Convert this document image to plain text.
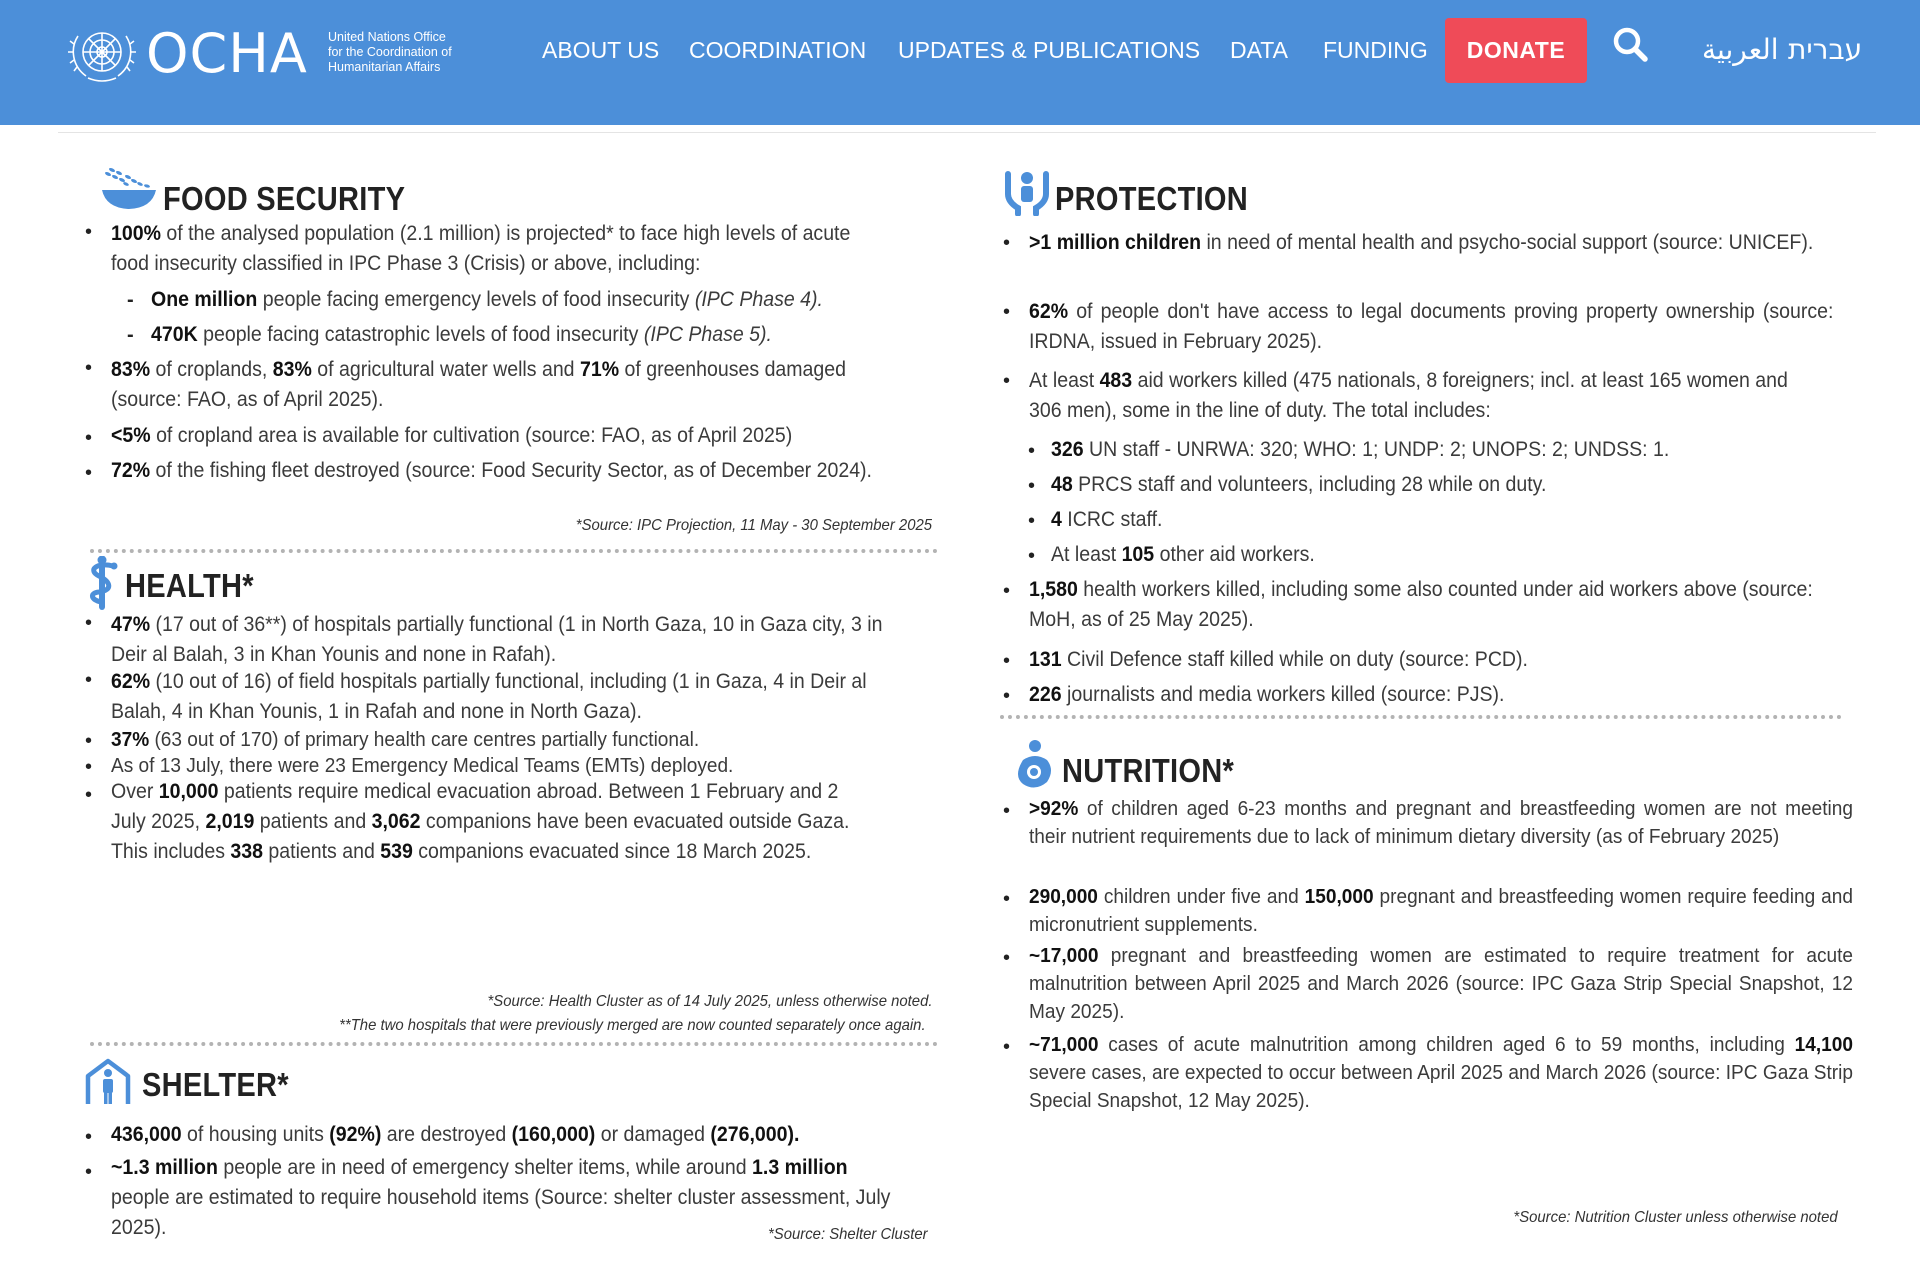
OCHA United Nations Office
for the Coordination of
Humanitarian Affairs
ABOUT US COORDINATION UPDATES & PUBLICATIONS DATA FUNDING	DONATE	العربية עברית
FOOD SECURITY
• 100% of the analysed population (2.1 million) is projected* to face high levels of acute food insecurity classified in IPC Phase 3 (Crisis) or above, including:
- One million people facing emergency levels of food insecurity (IPC Phase 4).
- 470K people facing catastrophic levels of food insecurity (IPC Phase 5).
• 83% of croplands, 83% of agricultural water wells and 71% of greenhouses damaged (source: FAO, as of April 2025).
• <5% of cropland area is available for cultivation (source: FAO, as of April 2025)
• 72% of the fishing fleet destroyed (source: Food Security Sector, as of December 2024).
*Source: IPC Projection, 11 May - 30 September 2025
HEALTH*
• 47% (17 out of 36**) of hospitals partially functional (1 in North Gaza, 10 in Gaza city, 3 in Deir al Balah, 3 in Khan Younis and none in Rafah).
• 62% (10 out of 16) of field hospitals partially functional, including (1 in Gaza, 4 in Deir al Balah, 4 in Khan Younis, 1 in Rafah and none in North Gaza).
• 37% (63 out of 170) of primary health care centres partially functional.
• As of 13 July, there were 23 Emergency Medical Teams (EMTs) deployed.
• Over 10,000 patients require medical evacuation abroad. Between 1 February and 2 July 2025, 2,019 patients and 3,062 companions have been evacuated outside Gaza. This includes 338 patients and 539 companions evacuated since 18 March 2025.
*Source: Health Cluster as of 14 July 2025, unless otherwise noted.
**The two hospitals that were previously merged are now counted separately once again.
SHELTER*
• 436,000 of housing units (92%) are destroyed (160,000) or damaged (276,000).
• ~1.3 million people are in need of emergency shelter items, while around 1.3 million people are estimated to require household items (Source: shelter cluster assessment, July 2025).	*Source: Shelter Cluster
PROTECTION
• >1 million children in need of mental health and psycho-social support (source: UNICEF).
• 62% of people don't have access to legal documents proving property ownership (source: IRDNA, issued in February 2025).
• At least 483 aid workers killed (475 nationals, 8 foreigners; incl. at least 165 women and 306 men), some in the line of duty. The total includes:
• 326 UN staff - UNRWA: 320; WHO: 1; UNDP: 2; UNOPS: 2; UNDSS: 1.
• 48 PRCS staff and volunteers, including 28 while on duty.
• 4 ICRC staff.
• At least 105 other aid workers.
• 1,580 health workers killed, including some also counted under aid workers above (source: MoH, as of 25 May 2025).
• 131 Civil Defence staff killed while on duty (source: PCD).
• 226 journalists and media workers killed (source: PJS).
NUTRITION*
• >92% of children aged 6-23 months and pregnant and breastfeeding women are not meeting their nutrient requirements due to lack of minimum dietary diversity (as of February 2025)
• 290,000 children under five and 150,000 pregnant and breastfeeding women require feeding and micronutrient supplements.
• ~17,000 pregnant and breastfeeding women are estimated to require treatment for acute malnutrition between April 2025 and March 2026 (source: IPC Gaza Strip Special Snapshot, 12 May 2025).
• ~71,000 cases of acute malnutrition among children aged 6 to 59 months, including 14,100 severe cases, are expected to occur between April 2025 and March 2026 (source: IPC Gaza Strip Special Snapshot, 12 May 2025).
*Source: Nutrition Cluster unless otherwise noted
